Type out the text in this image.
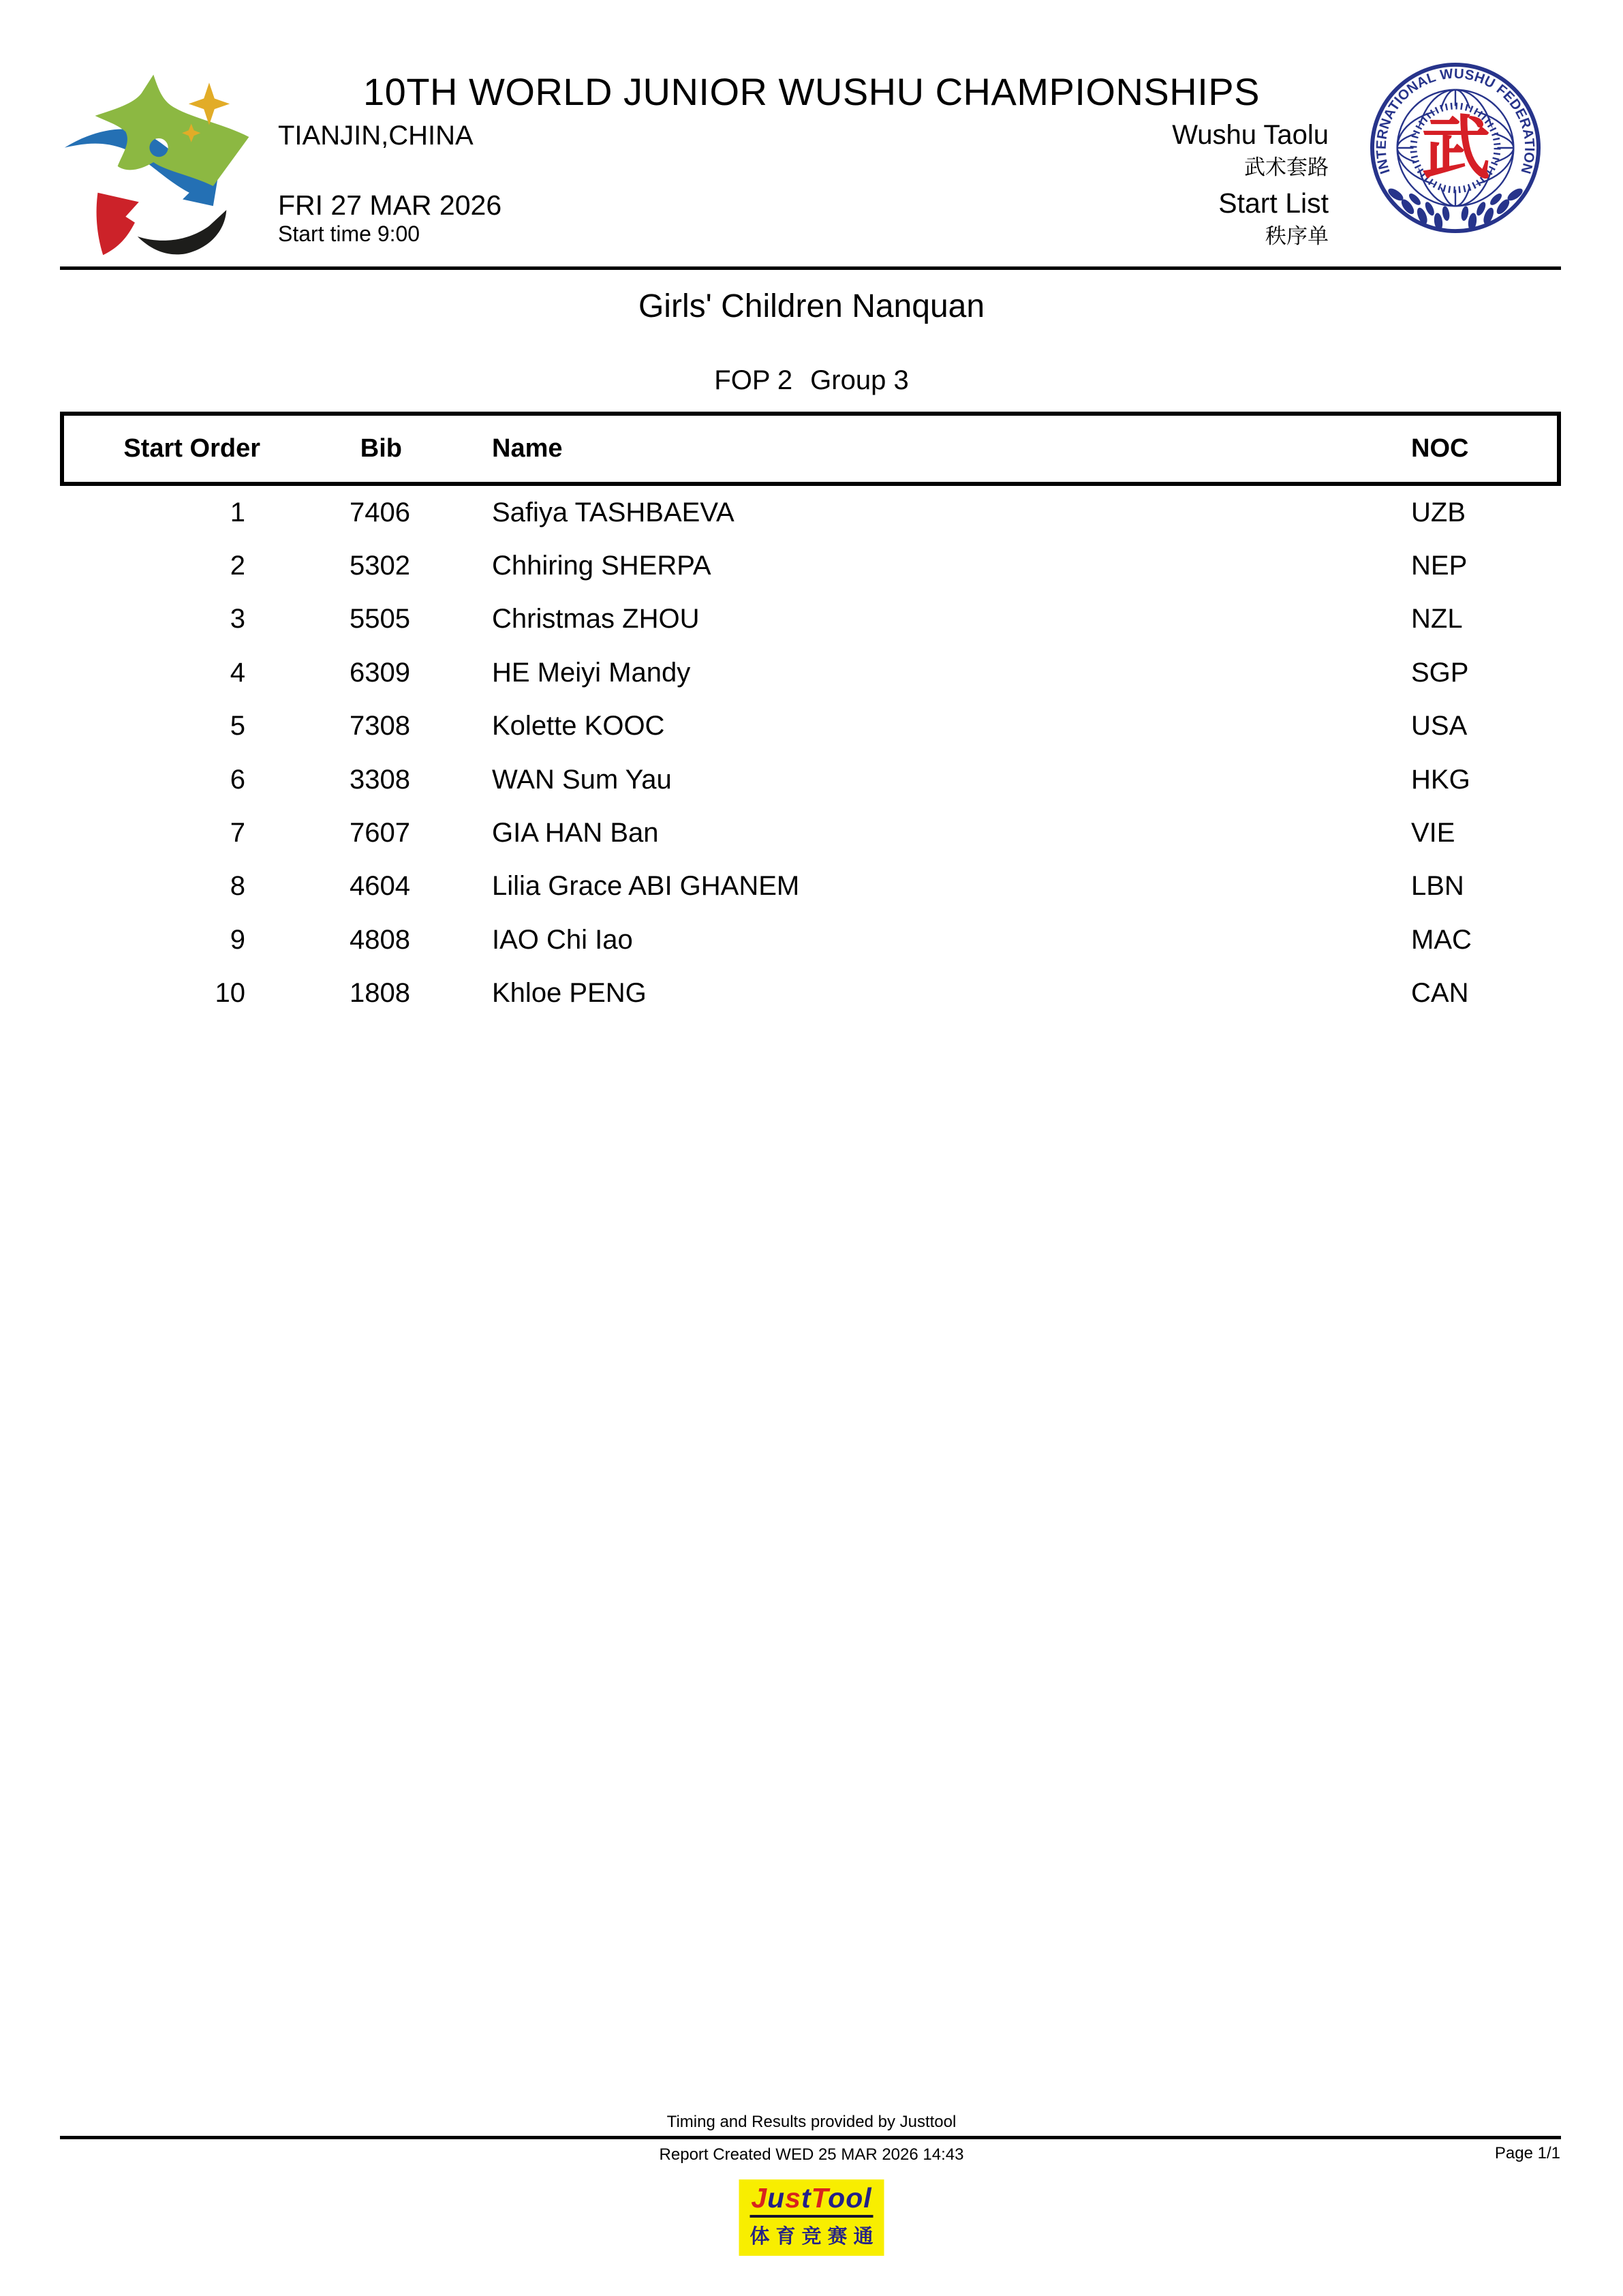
10TH WORLD JUNIOR WUSHU CHAMPIONSHIPS
TIANJIN,CHINA
FRI 27 MAR 2026
Start time 9:00
Wushu Taolu
武术套路
Start List
秩序单
武
INTERNATIONAL WUSHU FEDERATION
Girls' Children Nanquan
FOP 2 Group 3
Start Order	Bib	Name	NOC
1	7406	Safiya TASHBAEVA	UZB
2	5302	Chhiring SHERPA	NEP
3	5505	Christmas ZHOU	NZL
4	6309	HE Meiyi Mandy	SGP
5	7308	Kolette KOOC	USA
6	3308	WAN Sum Yau	HKG
7	7607	GIA HAN Ban	VIE
8	4604	Lilia Grace ABI GHANEM	LBN
9	4808	IAO Chi Iao	MAC
10	1808	Khloe PENG	CAN
Timing and Results provided by Justtool
Report Created WED 25 MAR 2026 14:43	Page 1/1
JustTool
体育竞赛通
